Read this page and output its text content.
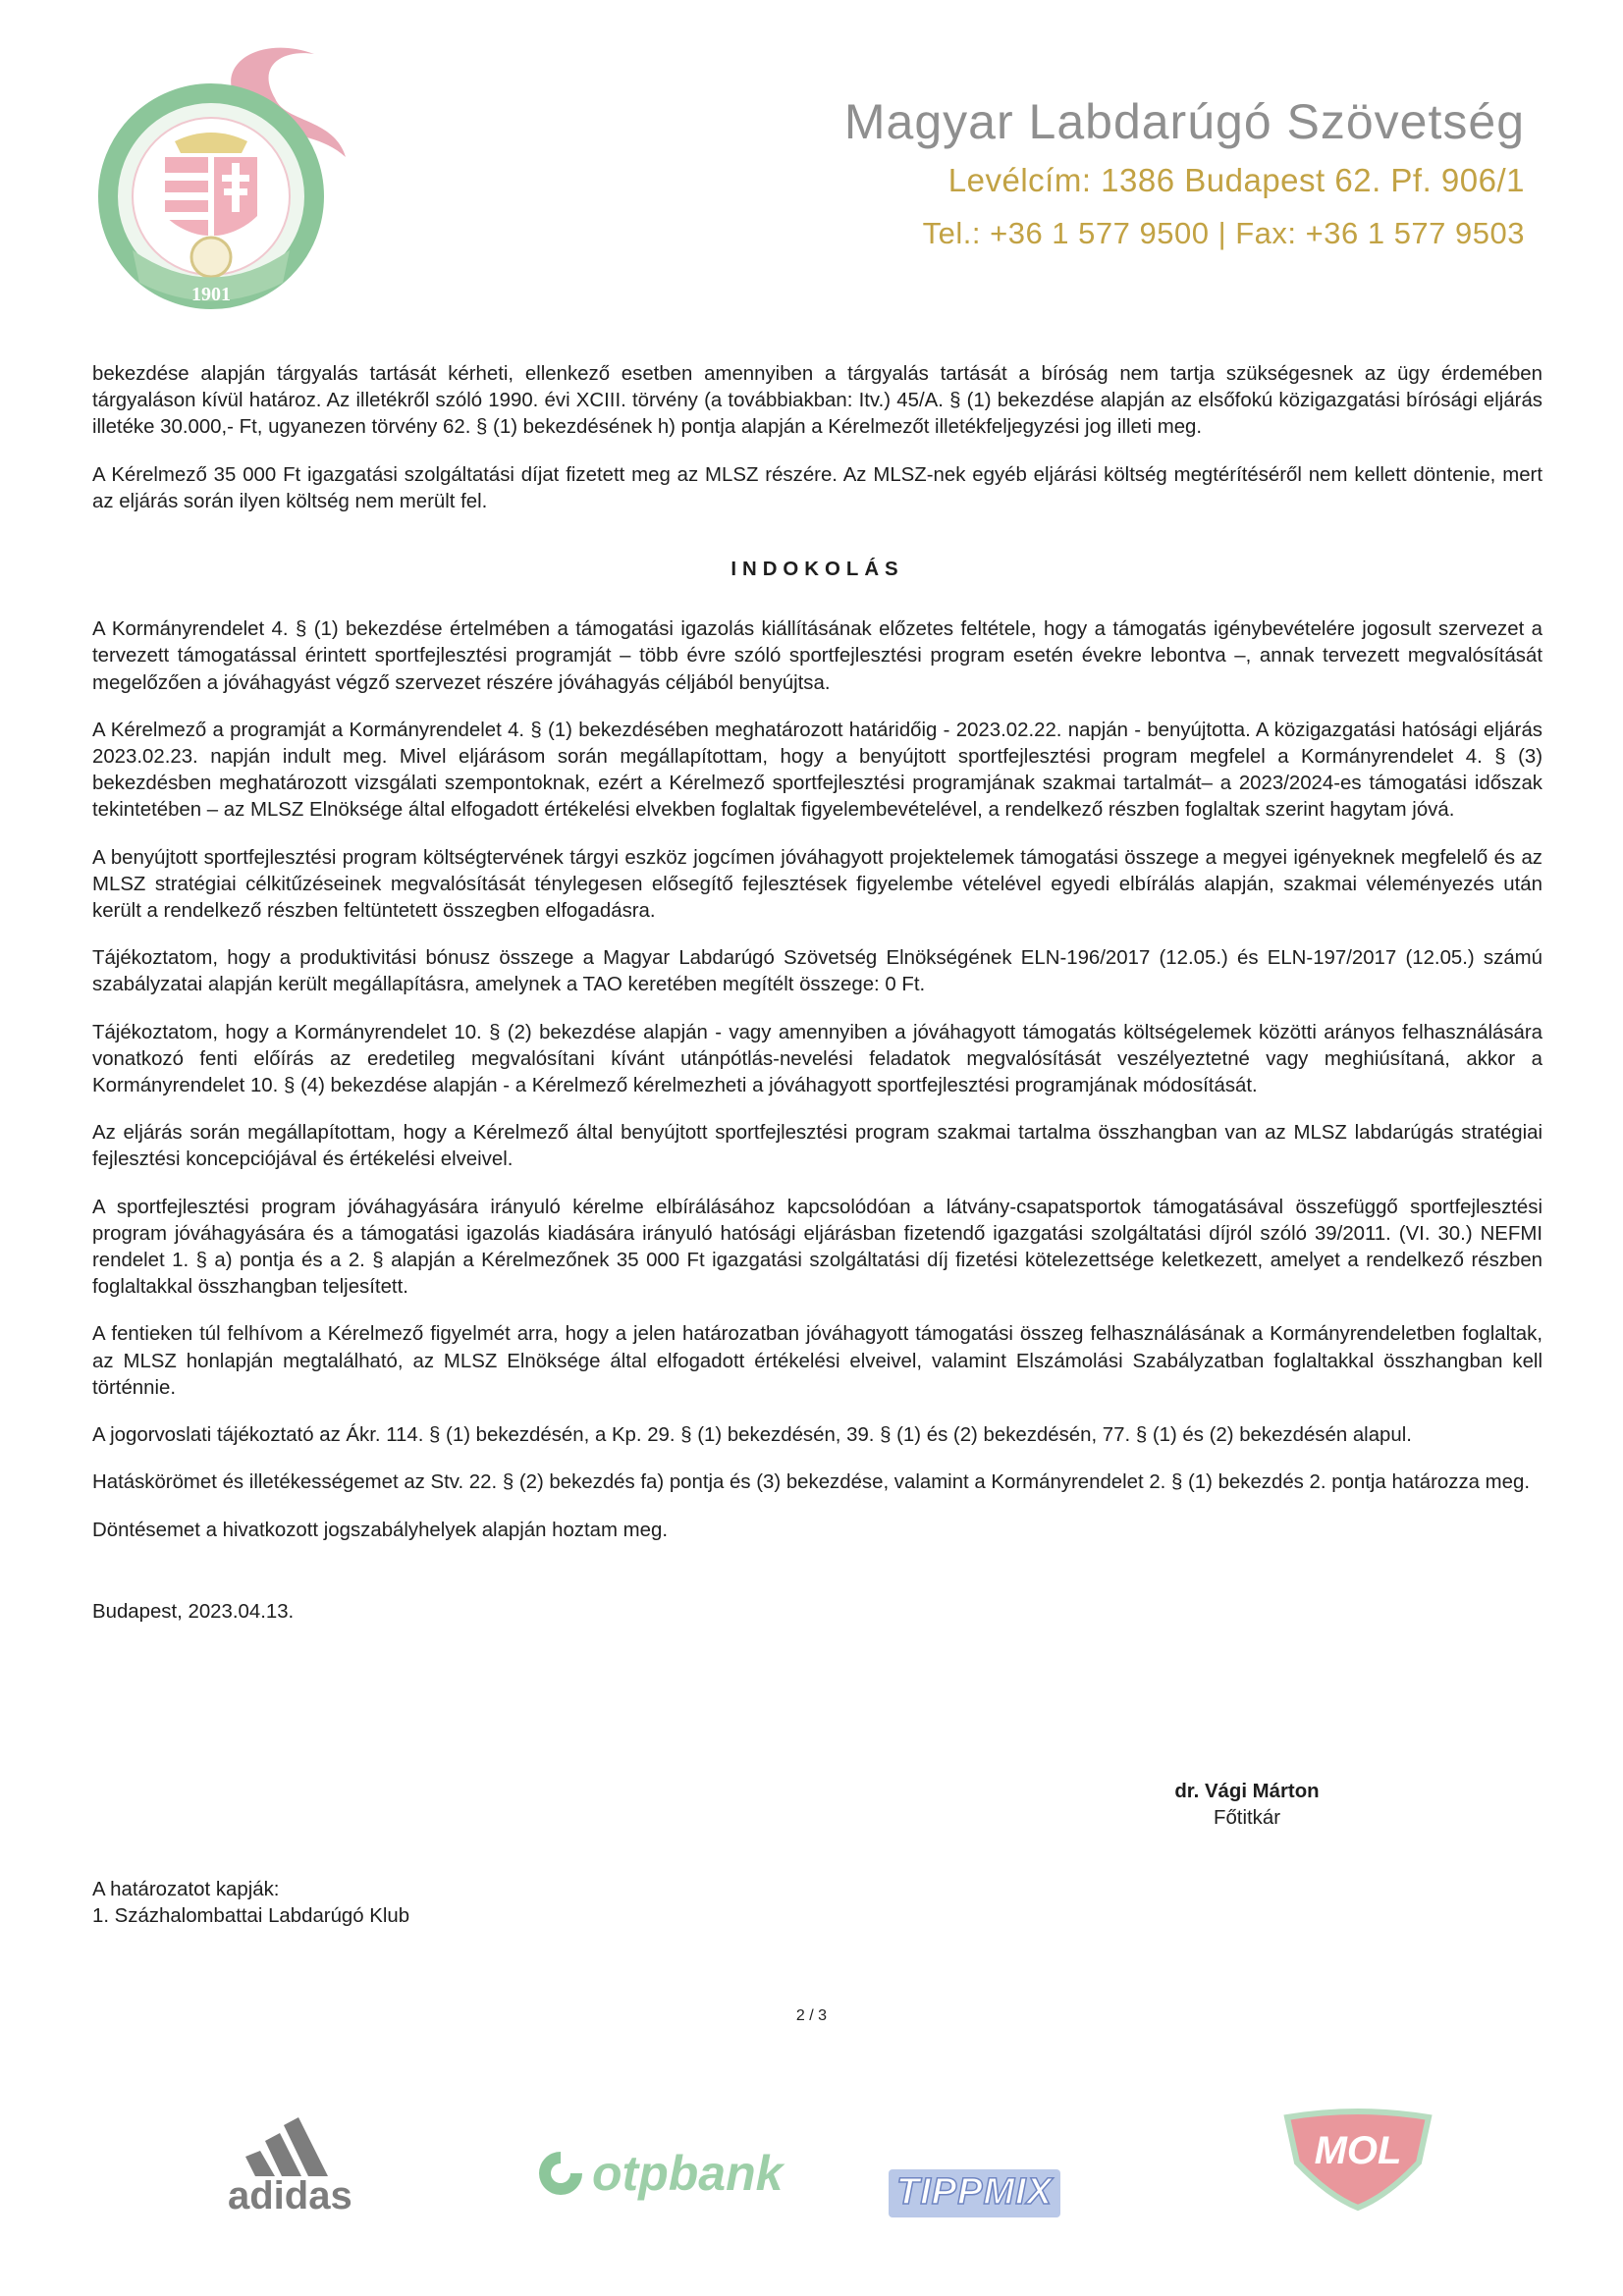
1901
Magyar Labdarúgó Szövetség
Levélcím: 1386 Budapest 62. Pf. 906/1
Tel.: +36 1 577 9500 | Fax: +36 1 577 9503

bekezdése alapján tárgyalás tartását kérheti, ellenkező esetben amennyiben a tárgyalás tartását a bíróság nem tartja szükségesnek az ügy érdemében tárgyaláson kívül határoz. Az illetékről szóló 1990. évi XCIII. törvény (a továbbiakban: Itv.) 45/A. § (1) bekezdése alapján az elsőfokú közigazgatási bírósági eljárás illetéke 30.000,- Ft, ugyanezen törvény 62. § (1) bekezdésének h) pontja alapján a Kérelmezőt illetékfeljegyzési jog illeti meg.

A Kérelmező 35 000 Ft igazgatási szolgáltatási díjat fizetett meg az MLSZ részére. Az MLSZ-nek egyéb eljárási költség megtérítéséről nem kellett döntenie, mert az eljárás során ilyen költség nem merült fel.

INDOKOLÁS

A Kormányrendelet 4. § (1) bekezdése értelmében a támogatási igazolás kiállításának előzetes feltétele, hogy a támogatás igénybevételére jogosult szervezet a tervezett támogatással érintett sportfejlesztési programját – több évre szóló sportfejlesztési program esetén évekre lebontva –, annak tervezett megvalósítását megelőzően a jóváhagyást végző szervezet részére jóváhagyás céljából benyújtsa.

A Kérelmező a programját a Kormányrendelet 4. § (1) bekezdésében meghatározott határidőig - 2023.02.22. napján - benyújtotta. A közigazgatási hatósági eljárás 2023.02.23. napján indult meg. Mivel eljárásom során megállapítottam, hogy a benyújtott sportfejlesztési program megfelel a Kormányrendelet 4. § (3) bekezdésben meghatározott vizsgálati szempontoknak, ezért a Kérelmező sportfejlesztési programjának szakmai tartalmát– a 2023/2024-es támogatási időszak tekintetében – az MLSZ Elnöksége által elfogadott értékelési elvekben foglaltak figyelembevételével, a rendelkező részben foglaltak szerint hagytam jóvá.

A benyújtott sportfejlesztési program költségtervének tárgyi eszköz jogcímen jóváhagyott projektelemek támogatási összege a megyei igényeknek megfelelő és az MLSZ stratégiai célkitűzéseinek megvalósítását ténylegesen elősegítő fejlesztések figyelembe vételével egyedi elbírálás alapján, szakmai véleményezés után került a rendelkező részben feltüntetett összegben elfogadásra.

Tájékoztatom, hogy a produktivitási bónusz összege a Magyar Labdarúgó Szövetség Elnökségének ELN-196/2017 (12.05.) és ELN-197/2017 (12.05.) számú szabályzatai alapján került megállapításra, amelynek a TAO keretében megítélt összege: 0 Ft.

Tájékoztatom, hogy a Kormányrendelet 10. § (2) bekezdése alapján - vagy amennyiben a jóváhagyott támogatás költségelemek közötti arányos felhasználására vonatkozó fenti előírás az eredetileg megvalósítani kívánt utánpótlás-nevelési feladatok megvalósítását veszélyeztetné vagy meghiúsítaná, akkor a Kormányrendelet 10. § (4) bekezdése alapján - a Kérelmező kérelmezheti a jóváhagyott sportfejlesztési programjának módosítását.

Az eljárás során megállapítottam, hogy a Kérelmező által benyújtott sportfejlesztési program szakmai tartalma összhangban van az MLSZ labdarúgás stratégiai fejlesztési koncepciójával és értékelési elveivel.

A sportfejlesztési program jóváhagyására irányuló kérelme elbírálásához kapcsolódóan a látvány-csapatsportok támogatásával összefüggő sportfejlesztési program jóváhagyására és a támogatási igazolás kiadására irányuló hatósági eljárásban fizetendő igazgatási szolgáltatási díjról szóló 39/2011. (VI. 30.) NEFMI rendelet 1. § a) pontja és a 2. § alapján a Kérelmezőnek 35 000 Ft igazgatási szolgáltatási díj fizetési kötelezettsége keletkezett, amelyet a rendelkező részben foglaltakkal összhangban teljesített.

A fentieken túl felhívom a Kérelmező figyelmét arra, hogy a jelen határozatban jóváhagyott támogatási összeg felhasználásának a Kormányrendeletben foglaltak, az MLSZ honlapján megtalálható, az MLSZ Elnöksége által elfogadott értékelési elveivel, valamint Elszámolási Szabályzatban foglaltakkal összhangban kell történnie.

A jogorvoslati tájékoztató az Ákr. 114. § (1) bekezdésén, a Kp. 29. § (1) bekezdésén, 39. § (1) és (2) bekezdésén, 77. § (1) és (2) bekezdésén alapul.

Hatáskörömet és illetékességemet az Stv. 22. § (2) bekezdés fa) pontja és (3) bekezdése, valamint a Kormányrendelet 2. § (1) bekezdés 2. pontja határozza meg.

Döntésemet a hivatkozott jogszabályhelyek alapján hoztam meg.

Budapest, 2023.04.13.

dr. Vági Márton
Főtitkár
A határozatot kapják:
1. Százhalombattai Labdarúgó Klub
2 / 3
adidas	otpbank	TIPPMIX
MOL
